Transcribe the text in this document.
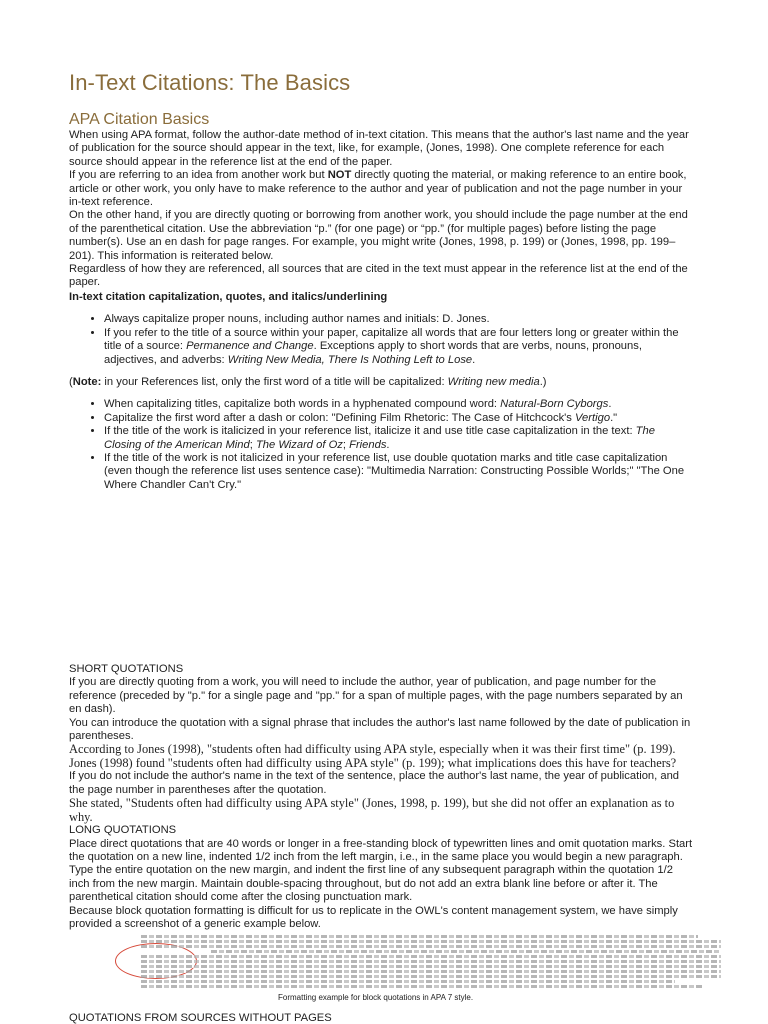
In-Text Citations: The Basics
APA Citation Basics

When using APA format, follow the author-date method of in-text citation. This means that the author's last name and the year of publication for the source should appear in the text, like, for example, (Jones, 1998). One complete reference for each source should appear in the reference list at the end of the paper.

If you are referring to an idea from another work but NOT directly quoting the material, or making reference to an entire book, article or other work, you only have to make reference to the author and year of publication and not the page number in your in-text reference.

On the other hand, if you are directly quoting or borrowing from another work, you should include the page number at the end of the parenthetical citation. Use the abbreviation “p.” (for one page) or “pp.” (for multiple pages) before listing the page number(s). Use an en dash for page ranges. For example, you might write (Jones, 1998, p. 199) or (Jones, 1998, pp. 199–201). This information is reiterated below.

Regardless of how they are referenced, all sources that are cited in the text must appear in the reference list at the end of the paper.

In-text citation capitalization, quotes, and italics/underlining

• Always capitalize proper nouns, including author names and initials: D. Jones.
• If you refer to the title of a source within your paper, capitalize all words that are four letters long or greater within the title of a source: Permanence and Change. Exceptions apply to short words that are verbs, nouns, pronouns, adjectives, and adverbs: Writing New Media, There Is Nothing Left to Lose.

(Note: in your References list, only the first word of a title will be capitalized: Writing new media.)

• When capitalizing titles, capitalize both words in a hyphenated compound word: Natural-Born Cyborgs.
• Capitalize the first word after a dash or colon: "Defining Film Rhetoric: The Case of Hitchcock's Vertigo."
• If the title of the work is italicized in your reference list, italicize it and use title case capitalization in the text: The Closing of the American Mind; The Wizard of Oz; Friends.
• If the title of the work is not italicized in your reference list, use double quotation marks and title case capitalization (even though the reference list uses sentence case): "Multimedia Narration: Constructing Possible Worlds;" "The One Where Chandler Can't Cry."

SHORT QUOTATIONS

If you are directly quoting from a work, you will need to include the author, year of publication, and page number for the reference (preceded by "p." for a single page and "pp." for a span of multiple pages, with the page numbers separated by an en dash).

You can introduce the quotation with a signal phrase that includes the author's last name followed by the date of publication in parentheses.

According to Jones (1998), "students often had difficulty using APA style, especially when it was their first time" (p. 199).

Jones (1998) found "students often had difficulty using APA style" (p. 199); what implications does this have for teachers?

If you do not include the author's name in the text of the sentence, place the author's last name, the year of publication, and the page number in parentheses after the quotation.

She stated, "Students often had difficulty using APA style" (Jones, 1998, p. 199), but she did not offer an explanation as to why.

LONG QUOTATIONS

Place direct quotations that are 40 words or longer in a free-standing block of typewritten lines and omit quotation marks. Start the quotation on a new line, indented 1/2 inch from the left margin, i.e., in the same place you would begin a new paragraph. Type the entire quotation on the new margin, and indent the first line of any subsequent paragraph within the quotation 1/2 inch from the new margin. Maintain double-spacing throughout, but do not add an extra blank line before or after it. The parenthetical citation should come after the closing punctuation mark.

Because block quotation formatting is difficult for us to replicate in the OWL's content management system, we have simply provided a screenshot of a generic example below.

Formatting example for block quotations in APA 7 style.
QUOTATIONS FROM SOURCES WITHOUT PAGES
